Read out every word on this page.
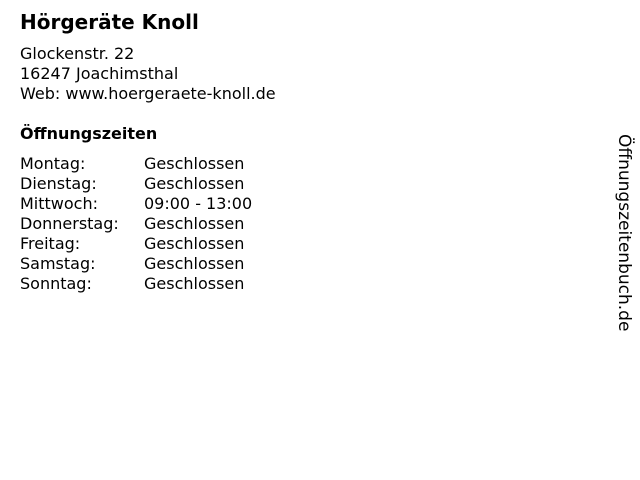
Hörgeräte Knoll
Glockenstr. 22
16247 Joachimsthal
Web: www.hoergeraete-knoll.de
Öffnungszeiten
Montag:	Geschlossen
Dienstag:	Geschlossen
Mittwoch:	09:00 - 13:00
Donnerstag:	Geschlossen
Freitag:	Geschlossen
Samstag:	Geschlossen
Sonntag:	Geschlossen	Öffnungszeitenbuch.de
